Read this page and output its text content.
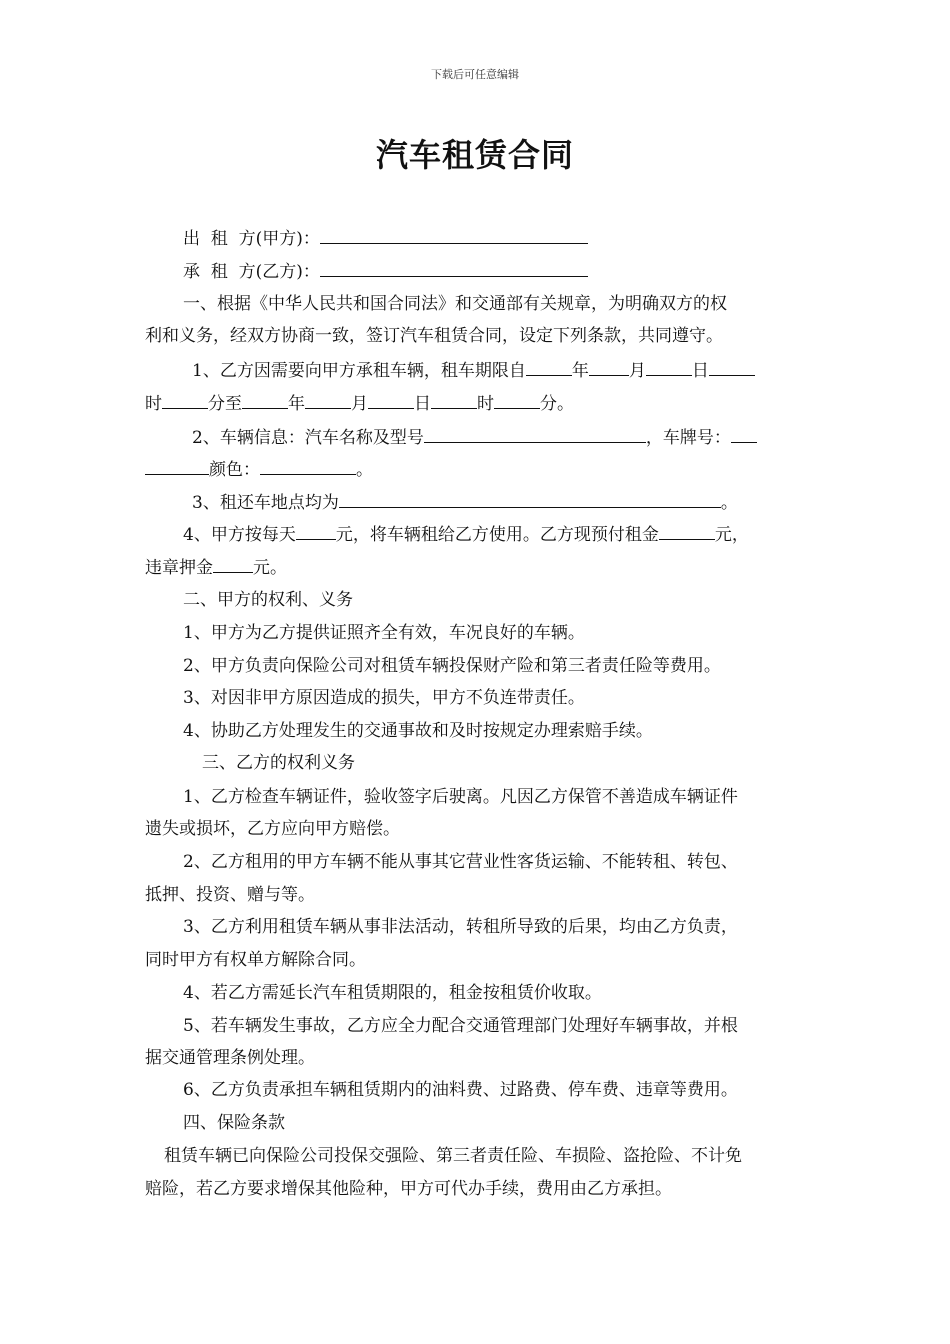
下载后可任意编辑
汽车租赁合同
出  租  方(甲方)：
承  租  方(乙方)：
一、根据《中华人民共和国合同法》和交通部有关规章，为明确双方的权
利和义务，经双方协商一致，签订汽车租赁合同，设定下列条款，共同遵守。
1、乙方因需要向甲方承租车辆，租车期限自	年 月	日
时	分至	年	月	日	时	分。
2、车辆信息：汽车名称及型号	，车牌号：
颜色：	。
3、租还车地点均为	。
4、甲方按每天 元，将车辆租给乙方使用。乙方现预付租金	元，
违章押金 元。
二、甲方的权利、义务
1、甲方为乙方提供证照齐全有效，车况良好的车辆。
2、甲方负责向保险公司对租赁车辆投保财产险和第三者责任险等费用。
3、对因非甲方原因造成的损失，甲方不负连带责任。
4、协助乙方处理发生的交通事故和及时按规定办理索赔手续。
三、乙方的权利义务
1、乙方检查车辆证件，验收签字后驶离。凡因乙方保管不善造成车辆证件
遗失或损坏，乙方应向甲方赔偿。
2、乙方租用的甲方车辆不能从事其它营业性客货运输、不能转租、转包、
抵押、投资、赠与等。
3、乙方利用租赁车辆从事非法活动，转租所导致的后果，均由乙方负责，
同时甲方有权单方解除合同。
4、若乙方需延长汽车租赁期限的，租金按租赁价收取。
5、若车辆发生事故，乙方应全力配合交通管理部门处理好车辆事故，并根
据交通管理条例处理。
6、乙方负责承担车辆租赁期内的油料费、过路费、停车费、违章等费用。
四、保险条款
租赁车辆已向保险公司投保交强险、第三者责任险、车损险、盗抢险、不计免
赔险，若乙方要求增保其他险种，甲方可代办手续，费用由乙方承担。
